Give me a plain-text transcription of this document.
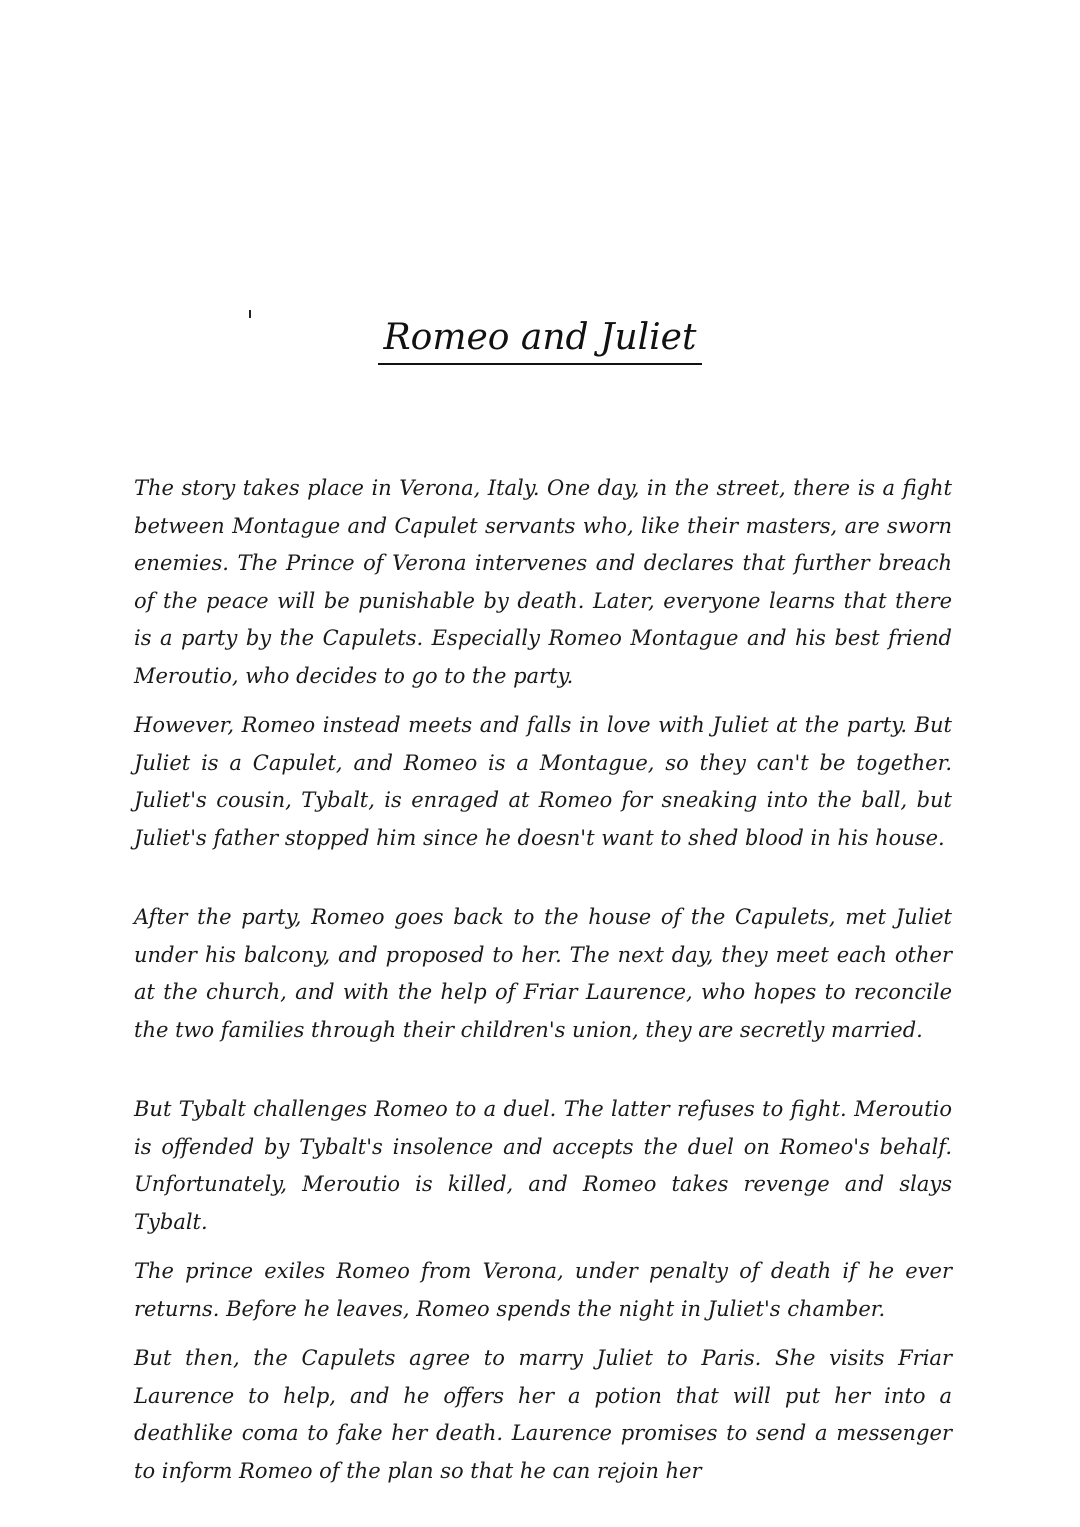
Romeo and Juliet

The story takes place in Verona, Italy. One day, in the street, there is a fight between Montague and Capulet servants who, like their masters, are sworn enemies. The Prince of Verona intervenes and declares that further breach of the peace will be punishable by death. Later, everyone learns that there is a party by the Capulets. Especially Romeo Montague and his best friend Meroutio, who decides to go to the party.

However, Romeo instead meets and falls in love with Juliet at the party. But Juliet is a Capulet, and Romeo is a Montague, so they can't be together. Juliet's cousin, Tybalt, is enraged at Romeo for sneaking into the ball, but Juliet's father stopped him since he doesn't want to shed blood in his house.

After the party, Romeo goes back to the house of the Capulets, met Juliet under his balcony, and proposed to her. The next day, they meet each other at the church, and with the help of Friar Laurence, who hopes to reconcile the two families through their children's union, they are secretly married.

But Tybalt challenges Romeo to a duel. The latter refuses to fight. Meroutio is offended by Tybalt's insolence and accepts the duel on Romeo's behalf. Unfortunately, Meroutio is killed, and Romeo takes revenge and slays Tybalt.

The prince exiles Romeo from Verona, under penalty of death if he ever returns. Before he leaves, Romeo spends the night in Juliet's chamber.

But then, the Capulets agree to marry Juliet to Paris. She visits Friar Laurence to help, and he offers her a potion that will put her into a deathlike coma to fake her death. Laurence promises to send a messenger to inform Romeo of the plan so that he can rejoin her
